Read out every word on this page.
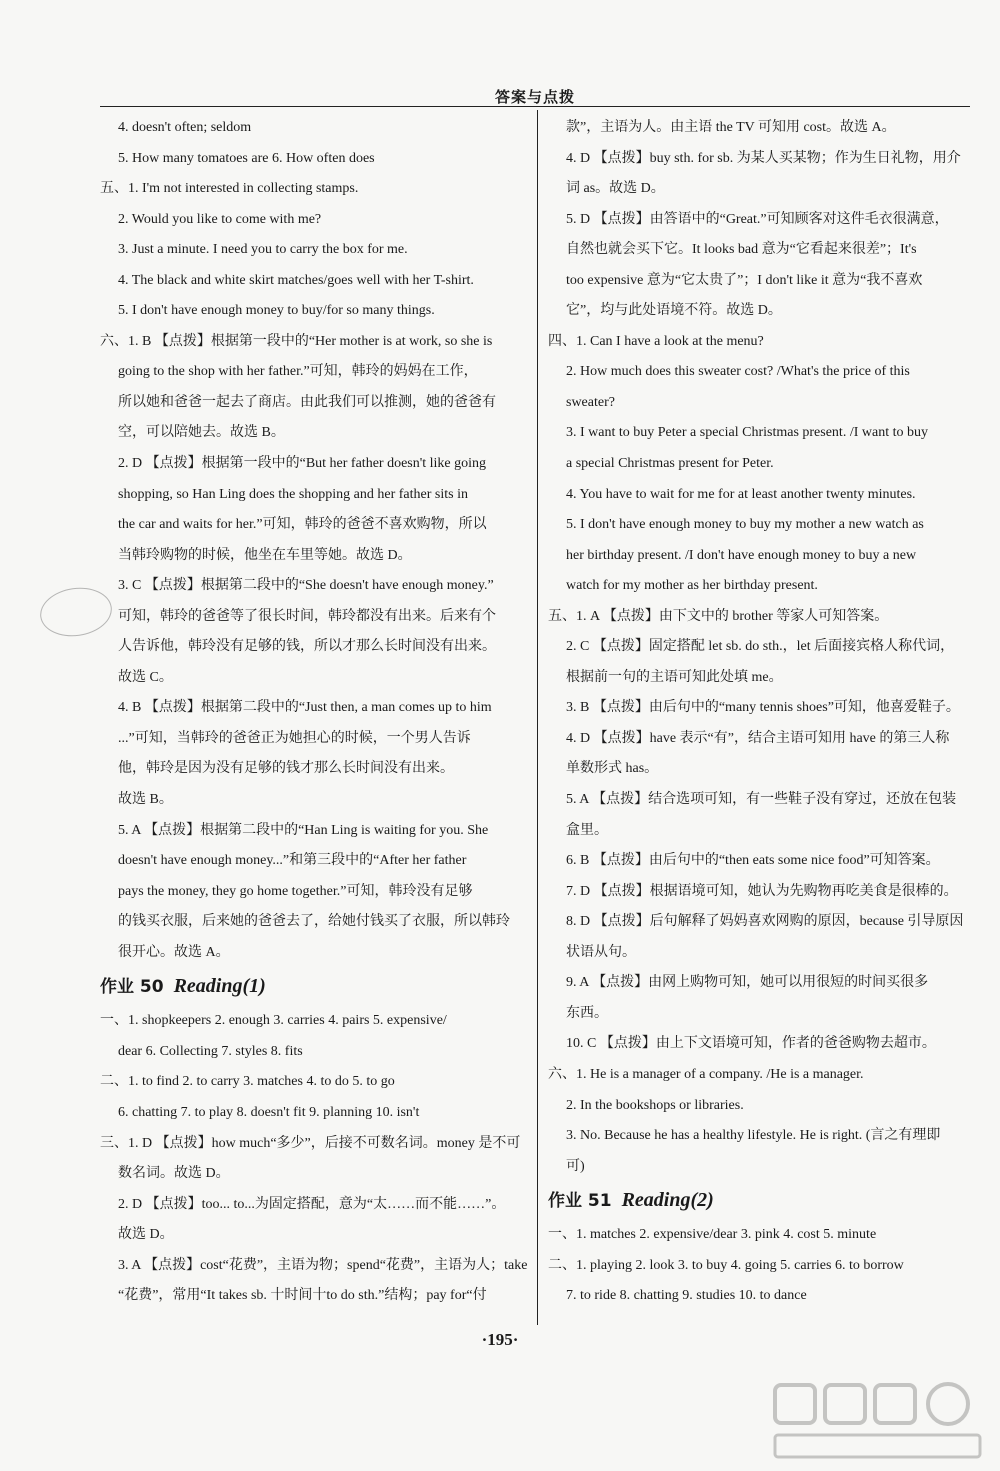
答案与点拨
4. doesn't often; seldom
5. How many tomatoes are 6. How often does
五、1. I'm not interested in collecting stamps.
2. Would you like to come with me?
3. Just a minute. I need you to carry the box for me.
4. The black and white skirt matches/goes well with her T-shirt.
5. I don't have enough money to buy/for so many things.
六、1. B 【点拨】根据第一段中的“Her mother is at work, so she is
going to the shop with her father.”可知，韩玲的妈妈在工作，
所以她和爸爸一起去了商店。由此我们可以推测，她的爸爸有
空，可以陪她去。故选 B。
2. D 【点拨】根据第一段中的“But her father doesn't like going
shopping, so Han Ling does the shopping and her father sits in
the car and waits for her.”可知，韩玲的爸爸不喜欢购物，所以
当韩玲购物的时候，他坐在车里等她。故选 D。
3. C 【点拨】根据第二段中的“She doesn't have enough money.”
可知，韩玲的爸爸等了很长时间，韩玲都没有出来。后来有个
人告诉他，韩玲没有足够的钱，所以才那么长时间没有出来。
故选 C。
4. B 【点拨】根据第二段中的“Just then, a man comes up to him
...”可知，当韩玲的爸爸正为她担心的时候，一个男人告诉
他，韩玲是因为没有足够的钱才那么长时间没有出来。
故选 B。
5. A 【点拨】根据第二段中的“Han Ling is waiting for you. She
doesn't have enough money...”和第三段中的“After her father
pays the money, they go home together.”可知，韩玲没有足够
的钱买衣服，后来她的爸爸去了，给她付钱买了衣服，所以韩玲
很开心。故选 A。
作业 50 Reading(1)
一、1. shopkeepers 2. enough 3. carries 4. pairs 5. expensive/
dear 6. Collecting 7. styles 8. fits
二、1. to find 2. to carry 3. matches 4. to do 5. to go
6. chatting 7. to play 8. doesn't fit 9. planning 10. isn't
三、1. D 【点拨】how much“多少”，后接不可数名词。money 是不可
数名词。故选 D。
2. D 【点拨】too... to...为固定搭配，意为“太……而不能……”。
故选 D。
3. A 【点拨】cost“花费”，主语为物；spend“花费”，主语为人；take
“花费”，常用“It takes sb. 十时间十to do sth.”结构；pay for“付
款”，主语为人。由主语 the TV 可知用 cost。故选 A。
4. D 【点拨】buy sth. for sb. 为某人买某物；作为生日礼物，用介
词 as。故选 D。
5. D 【点拨】由答语中的“Great.”可知顾客对这件毛衣很满意，
自然也就会买下它。It looks bad 意为“它看起来很差”；It's
too expensive 意为“它太贵了”；I don't like it 意为“我不喜欢
它”，均与此处语境不符。故选 D。
四、1. Can I have a look at the menu?
2. How much does this sweater cost? /What's the price of this
sweater?
3. I want to buy Peter a special Christmas present. /I want to buy
a special Christmas present for Peter.
4. You have to wait for me for at least another twenty minutes.
5. I don't have enough money to buy my mother a new watch as
her birthday present. /I don't have enough money to buy a new
watch for my mother as her birthday present.
五、1. A 【点拨】由下文中的 brother 等家人可知答案。
2. C 【点拨】固定搭配 let sb. do sth.，let 后面接宾格人称代词，
根据前一句的主语可知此处填 me。
3. B 【点拨】由后句中的“many tennis shoes”可知，他喜爱鞋子。
4. D 【点拨】have 表示“有”，结合主语可知用 have 的第三人称
单数形式 has。
5. A 【点拨】结合选项可知，有一些鞋子没有穿过，还放在包装
盒里。
6. B 【点拨】由后句中的“then eats some nice food”可知答案。
7. D 【点拨】根据语境可知，她认为先购物再吃美食是很棒的。
8. D 【点拨】后句解释了妈妈喜欢网购的原因，because 引导原因
状语从句。
9. A 【点拨】由网上购物可知，她可以用很短的时间买很多
东西。
10. C 【点拨】由上下文语境可知，作者的爸爸购物去超市。
六、1. He is a manager of a company. /He is a manager.
2. In the bookshops or libraries.
3. No. Because he has a healthy lifestyle. He is right. (言之有理即
可)
作业 51 Reading(2)
一、1. matches 2. expensive/dear 3. pink 4. cost 5. minute
二、1. playing 2. look 3. to buy 4. going 5. carries 6. to borrow
7. to ride 8. chatting 9. studies 10. to dance
·195·
